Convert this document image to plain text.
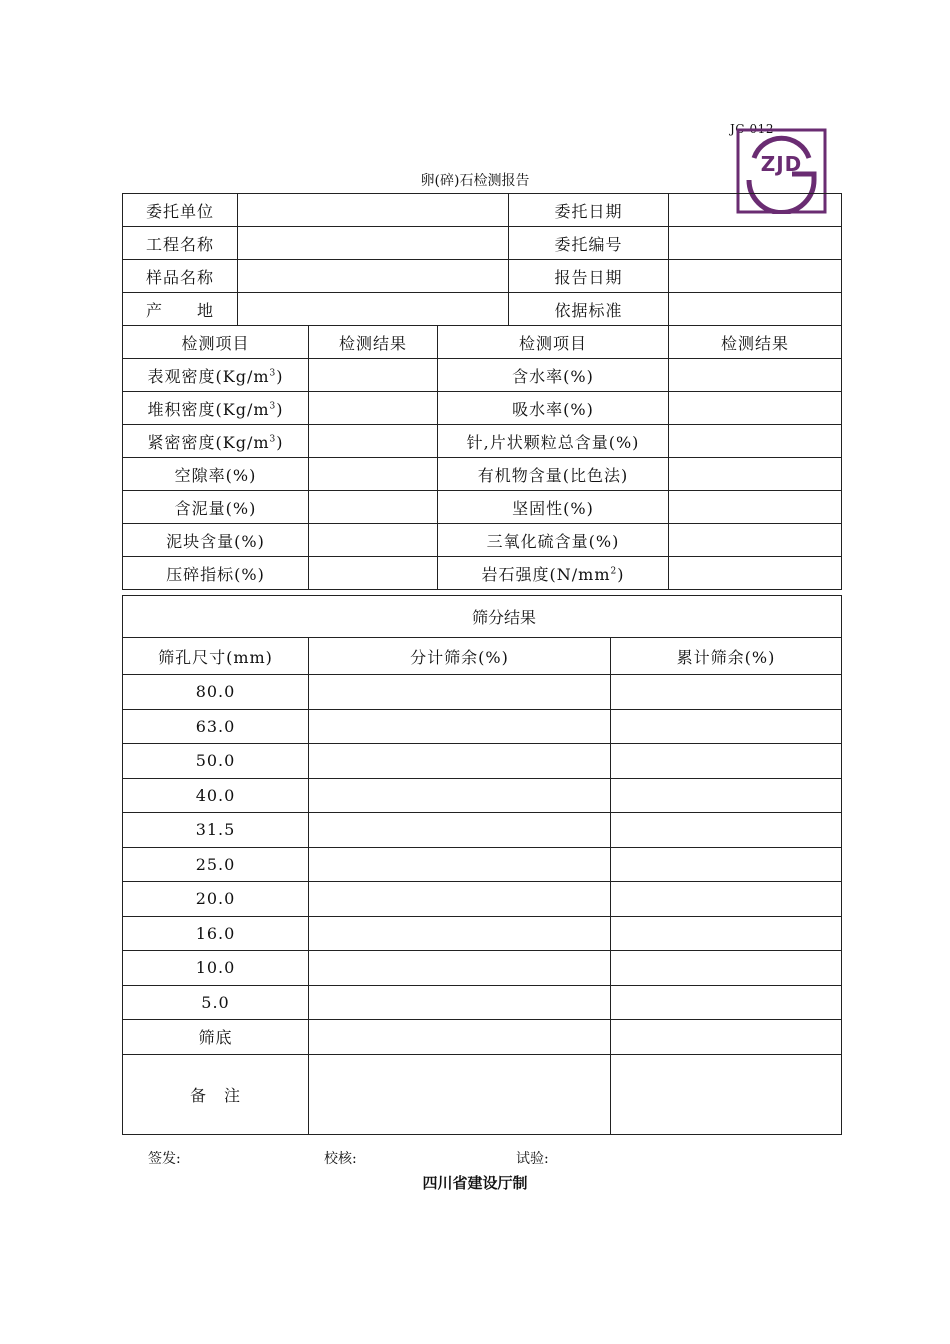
JC-012
ZJD
卵(碎)石检测报告
委托单位				委托日期	
工程名称				委托编号	
样品名称				报告日期	
产　　地				依据标准	
检测项目		检测结果	检测项目		检测结果
表观密度$(Kg/m^3)$			含水率(%)		
堆积密度$(Kg/m^3)$			吸水率(%)		
紧密密度$(Kg/m^3)$			针,片状颗粒总含量(%)		
空隙率(%)			有机物含量(比色法)		
含泥量(%)			坚固性(%)		
泥块含量(%)			三氧化硫含量(%)		
压碎指标(%)			岩石强度$(N/mm^2)$		
筛分结果		
筛孔尺寸(mm)	分计筛余(%)	累计筛余(%)
80.0		
63.0		
50.0		
40.0		
31.5		
25.0		
20.0		
16.0		
10.0		
5.0		
筛底		
备　注		
签发:	校核:	试验:
四川省建设厅制
